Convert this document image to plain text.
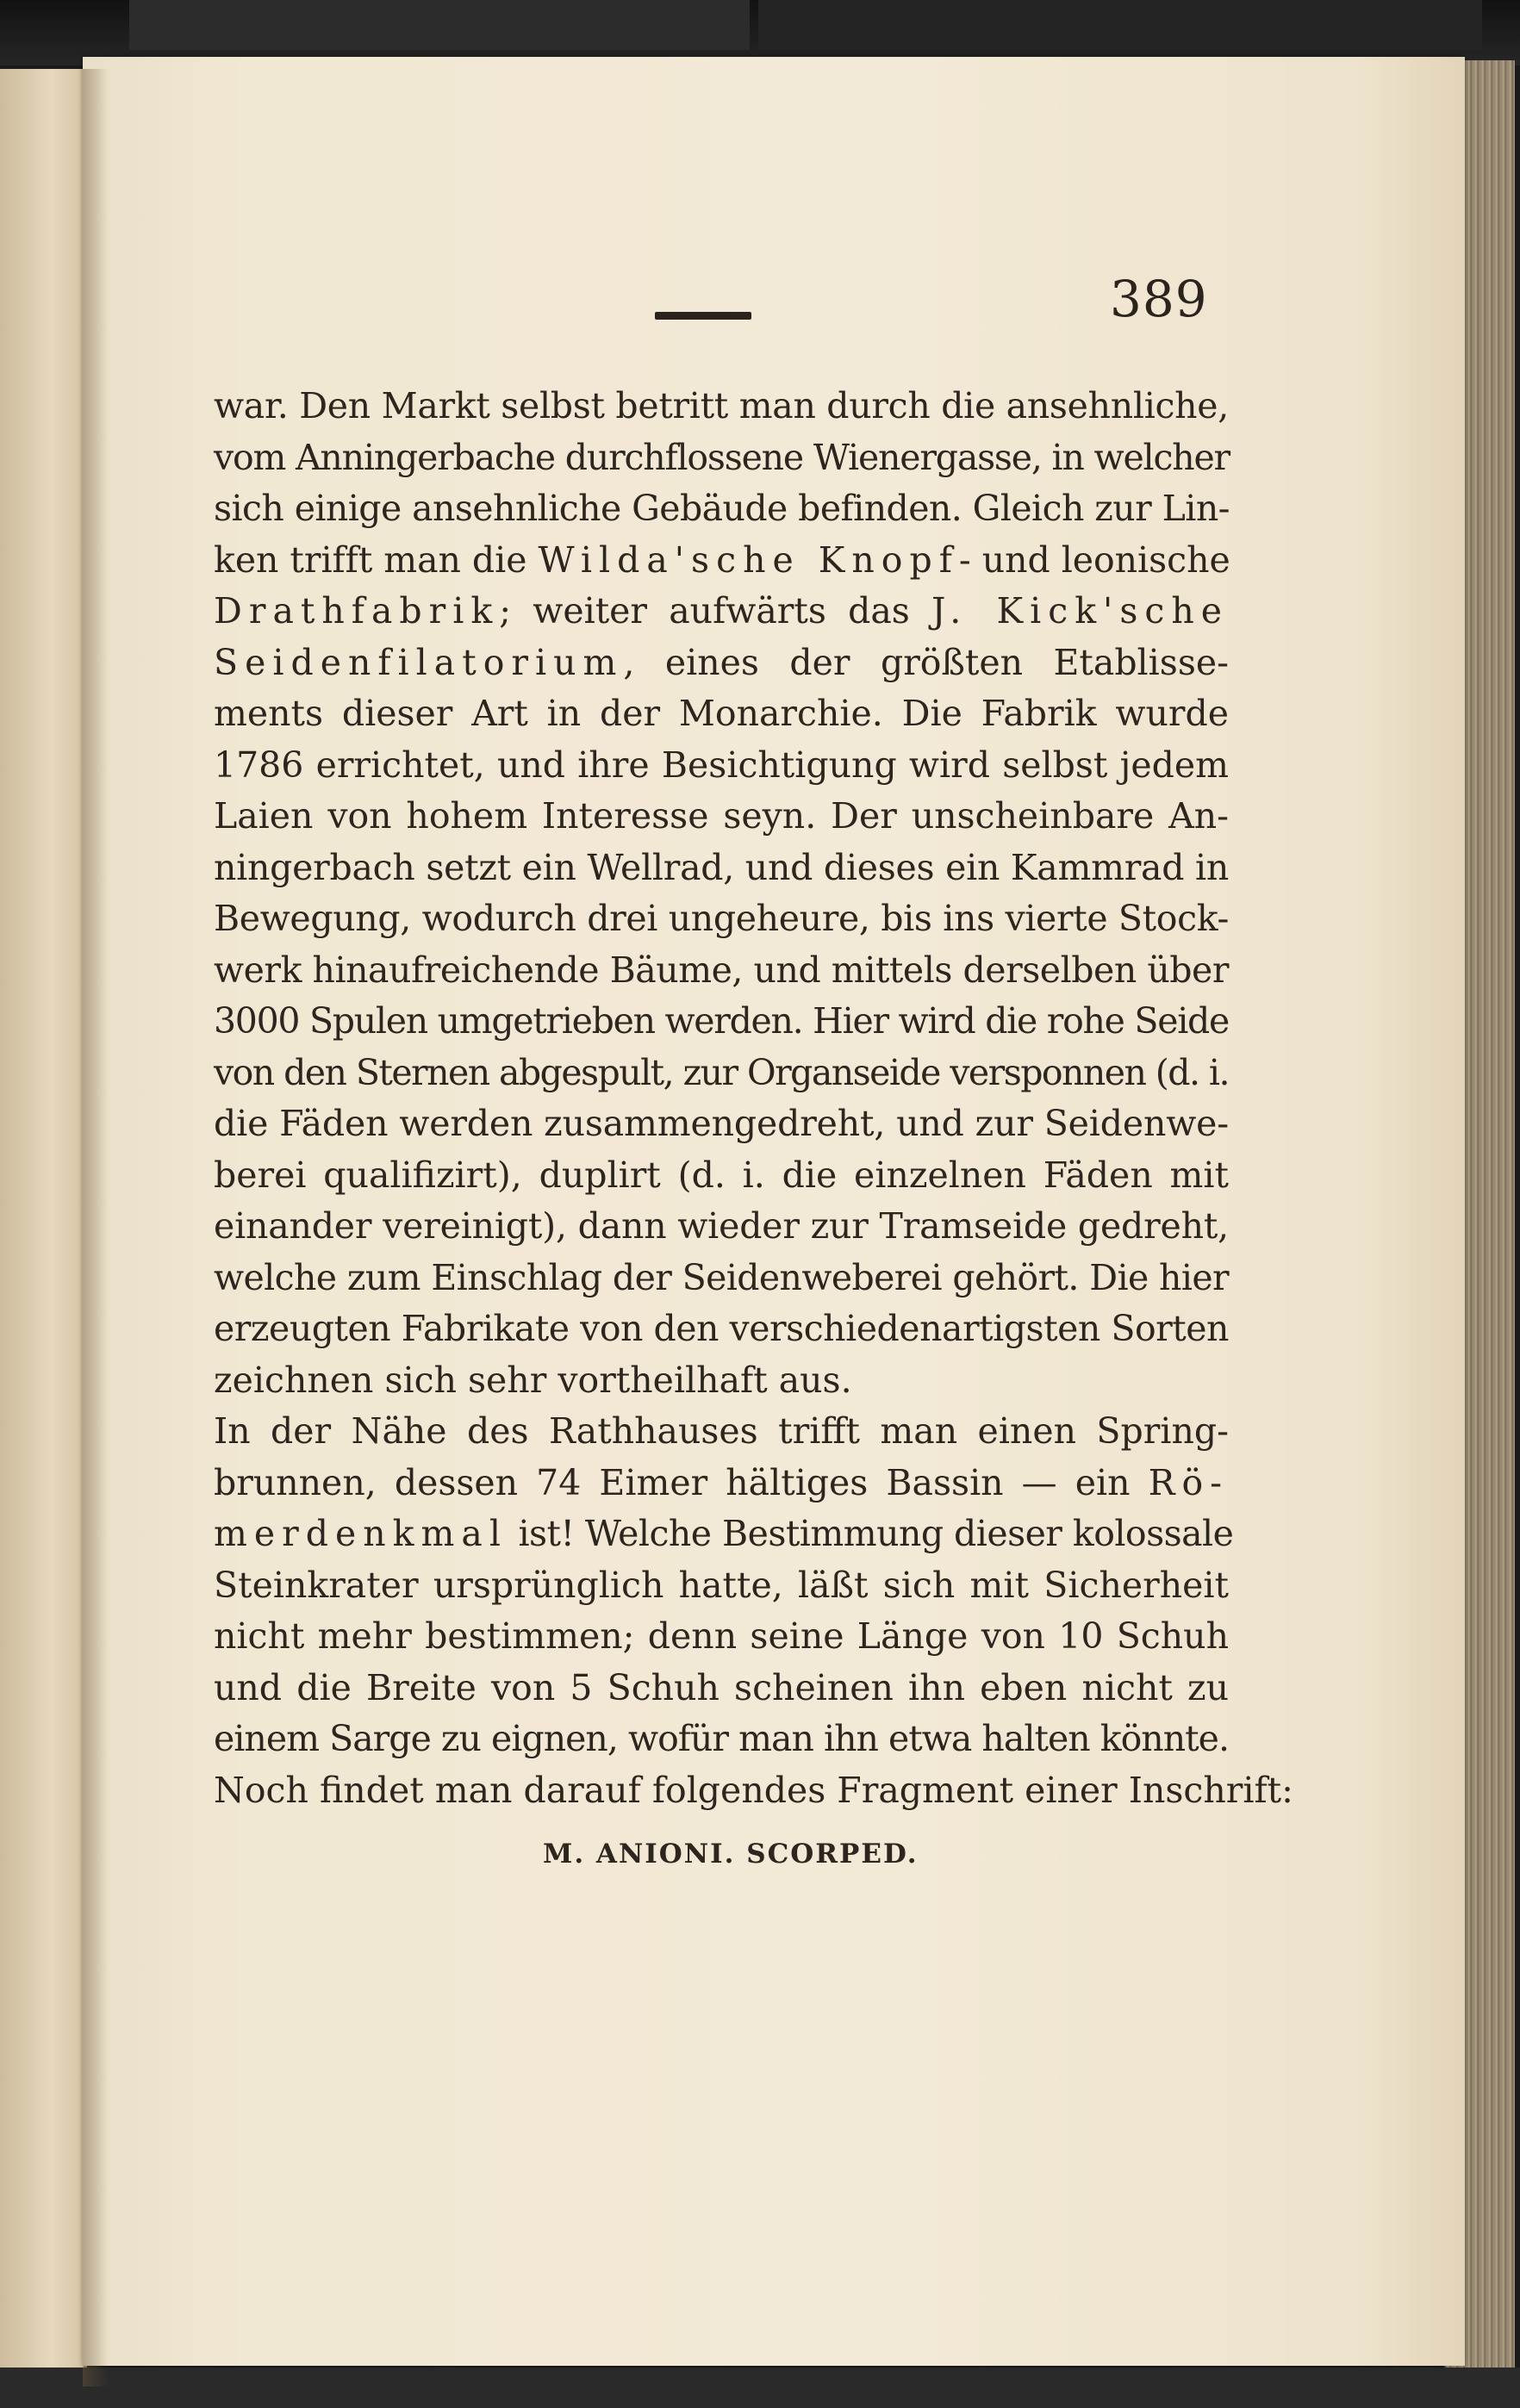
389
war. Den Markt selbst betritt man durch die ansehnliche,
vom Anningerbache durchflossene Wienergasse, in welcher
sich einige ansehnliche Gebäude befinden. Gleich zur Lin-
ken trifft man die Wilda'sche Knopf- und leonische
Drathfabrik; weiter aufwärts das J. Kick'sche
Seidenfilatorium, eines der größten Etablisse-
ments dieser Art in der Monarchie. Die Fabrik wurde
1786 errichtet, und ihre Besichtigung wird selbst jedem
Laien von hohem Interesse seyn. Der unscheinbare An-
ningerbach setzt ein Wellrad, und dieses ein Kammrad in
Bewegung, wodurch drei ungeheure, bis ins vierte Stock-
werk hinaufreichende Bäume, und mittels derselben über
3000 Spulen umgetrieben werden. Hier wird die rohe Seide
von den Sternen abgespult, zur Organseide versponnen (d. i.
die Fäden werden zusammengedreht, und zur Seidenwe-
berei qualifizirt), duplirt (d. i. die einzelnen Fäden mit
einander vereinigt), dann wieder zur Tramseide gedreht,
welche zum Einschlag der Seidenweberei gehört. Die hier
erzeugten Fabrikate von den verschiedenartigsten Sorten
zeichnen sich sehr vortheilhaft aus.
In der Nähe des Rathhauses trifft man einen Spring-
brunnen, dessen 74 Eimer hältiges Bassin — ein Rö-
merdenkmal ist! Welche Bestimmung dieser kolossale
Steinkrater ursprünglich hatte, läßt sich mit Sicherheit
nicht mehr bestimmen; denn seine Länge von 10 Schuh
und die Breite von 5 Schuh scheinen ihn eben nicht zu
einem Sarge zu eignen, wofür man ihn etwa halten könnte.
Noch findet man darauf folgendes Fragment einer Inschrift:
M. ANIONI. SCORPED.
